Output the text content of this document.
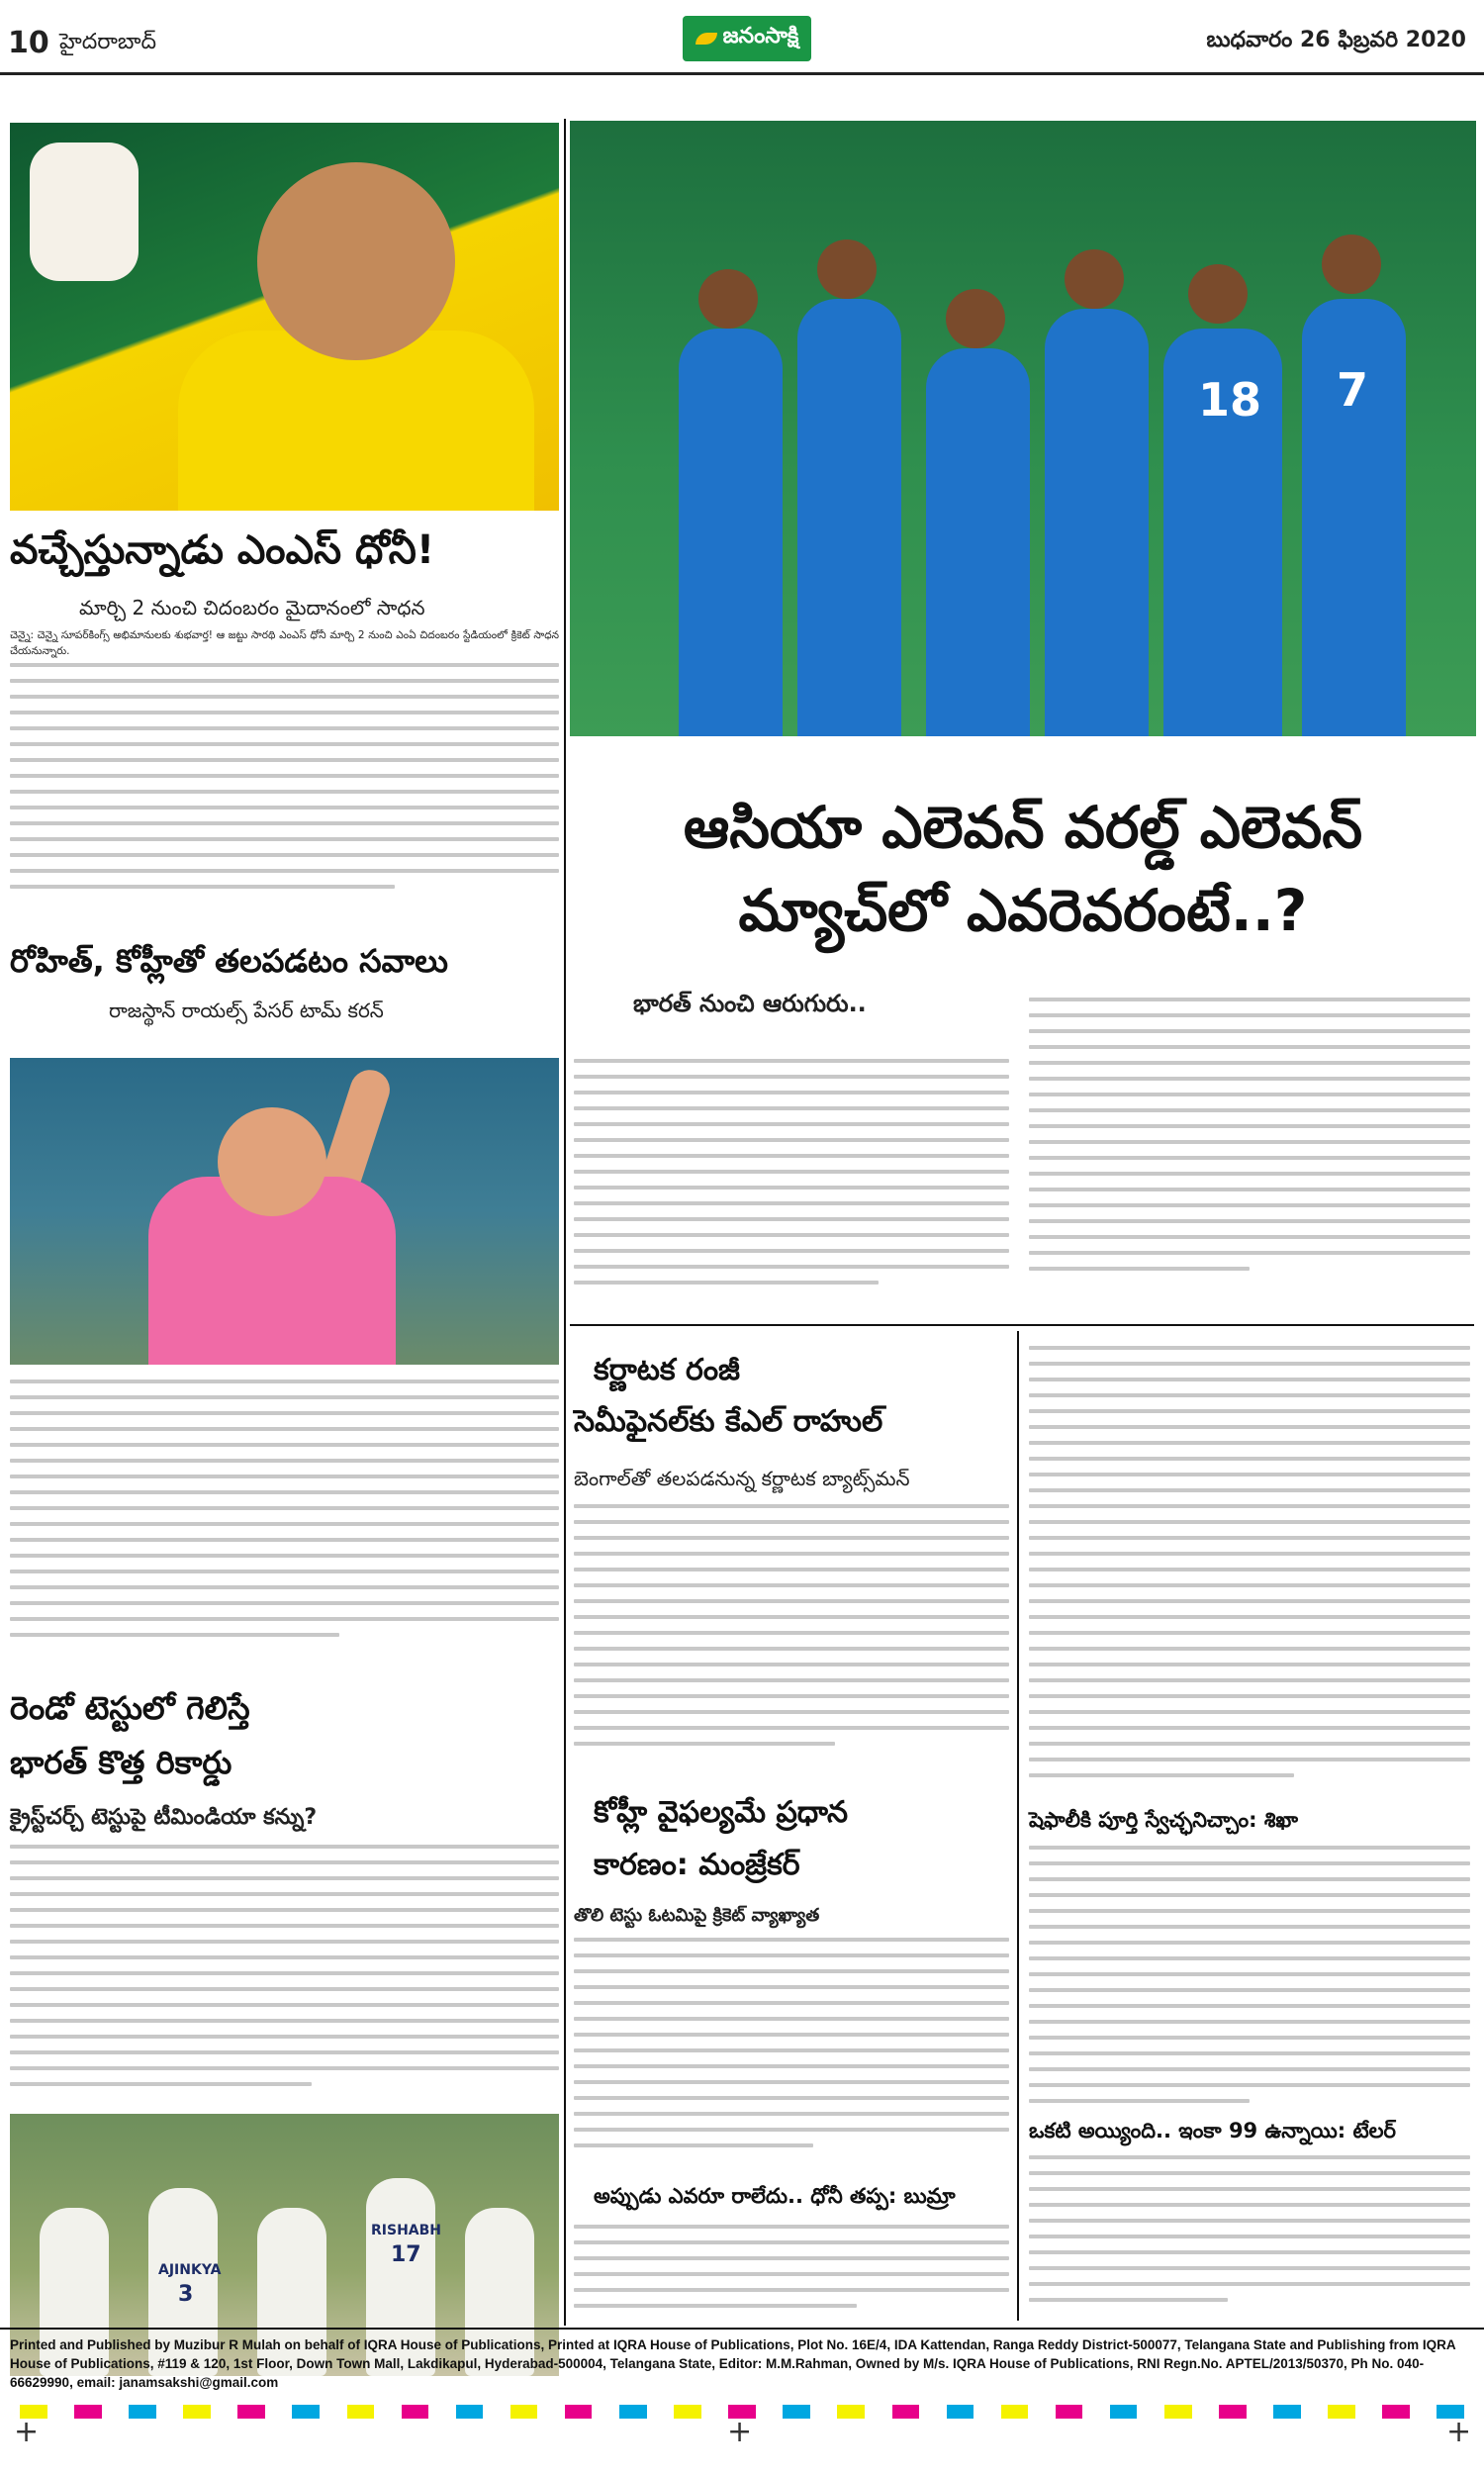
10 హైదరాబాద్	జనంసాక్షి	బుధవారం 26 ఫిబ్రవరి 2020
వచ్చేస్తున్నాడు ఎంఎస్ ధోనీ!
మార్చి 2 నుంచి చిదంబరం మైదానంలో సాధన
చెన్నై: చెన్నై సూపర్‌కింగ్స్ అభిమానులకు శుభవార్త! ఆ జట్టు సారథి ఎంఎస్ ధోనీ మార్చి 2 నుంచి ఎంఏ చిదంబరం స్టేడియంలో క్రికెట్ సాధన చేయనున్నారు.
రోహిత్, కోహ్లీతో తలపడటం సవాలు
రాజస్థాన్ రాయల్స్ పేసర్ టామ్ కరన్
రెండో టెస్టులో గెలిస్తే
భారత్ కొత్త రికార్డు
క్రైస్ట్‌చర్చ్ టెస్టుపై టీమిండియా కన్ను?
AJINKYA
3
RISHABH
17
18 7
ఆసియా ఎలెవన్ వరల్డ్ ఎలెవన్
మ్యాచ్‌లో ఎవరెవరంటే..?
భారత్ నుంచి ఆరుగురు..
కర్ణాటక రంజీ
సెమీఫైనల్‌కు కేఎల్ రాహుల్
బెంగాల్‌తో తలపడనున్న కర్ణాటక బ్యాట్స్‌మన్
కోహ్లీ వైఫల్యమే ప్రధాన
కారణం: మంజ్రేకర్
తొలి టెస్టు ఓటమిపై క్రికెట్ వ్యాఖ్యాత
అప్పుడు ఎవరూ రాలేదు.. ధోనీ తప్ప: బుమ్రా
షెఫాలీకి పూర్తి స్వేచ్ఛనిచ్చాం: శిఖా
ఒకటి అయ్యింది.. ఇంకా 99 ఉన్నాయి: టేలర్
Printed and Published by Muzibur R Mulah on behalf of IQRA House of Publications, Printed at IQRA House of Publications, Plot No. 16E/4, IDA Kattendan, Ranga Reddy District-500077, Telangana State and Publishing from IQRA House of Publications, #119 & 120, 1st Floor, Down Town Mall, Lakdikapul, Hyderabad-500004, Telangana State, Editor: M.M.Rahman, Owned by M/s. IQRA House of Publications, RNI Regn.No. APTEL/2013/50370, Ph No. 040-66629990, email: janamsakshi@gmail.com
+	+	+
